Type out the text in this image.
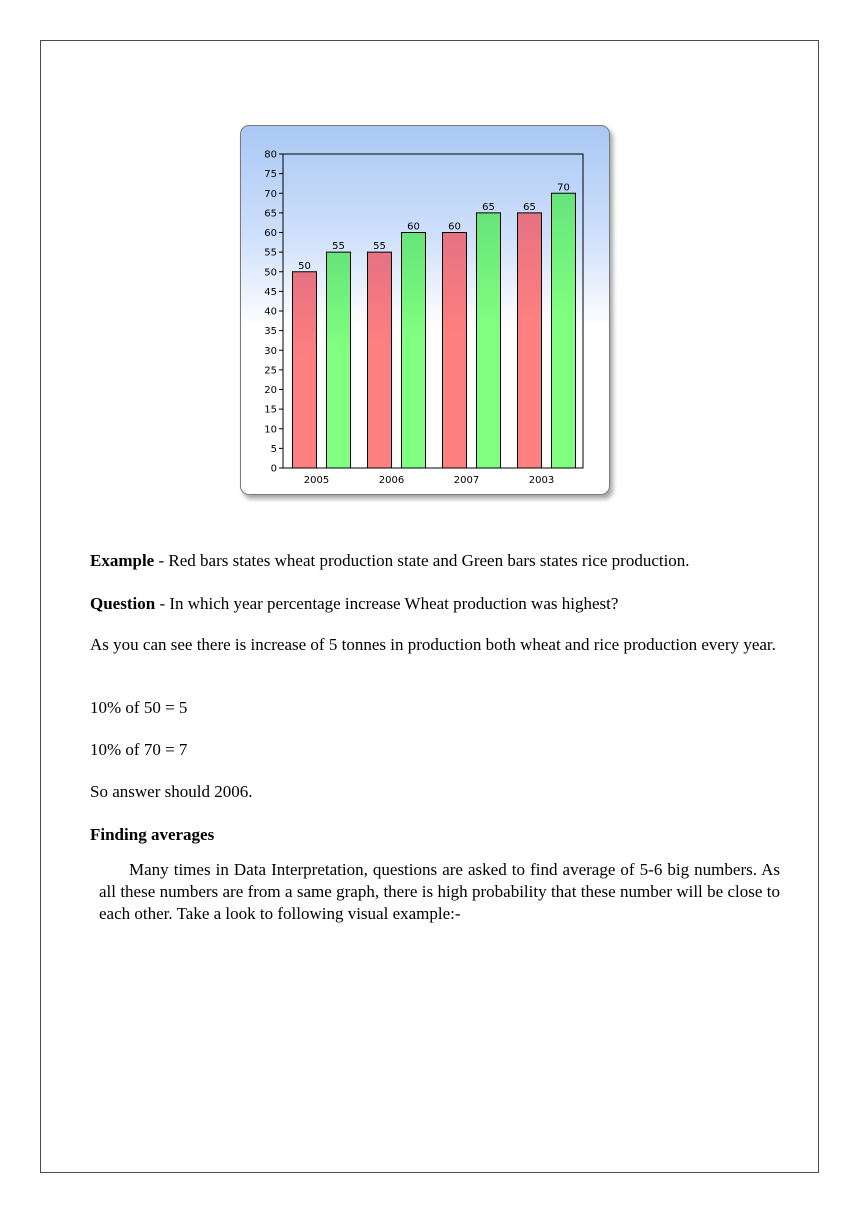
0
5
10
15
20
25
30
35
40
45
50
55
60
65
70
75
80
50
55
2005
55
60
2006
60
65
2007
65
70
2003
Example - Red bars states wheat production state and Green bars states rice production.
Question - In which year percentage increase Wheat production was highest?
As you can see there is increase of 5 tonnes in production both wheat and rice production every year.
10% of 50 = 5
10% of 70 = 7
So answer should 2006.
Finding averages
Many times in Data Interpretation, questions are asked to find average of 5-6 big numbers. As all these numbers are from a same graph, there is high probability that these number will be close to each other. Take a look to following visual example:-
